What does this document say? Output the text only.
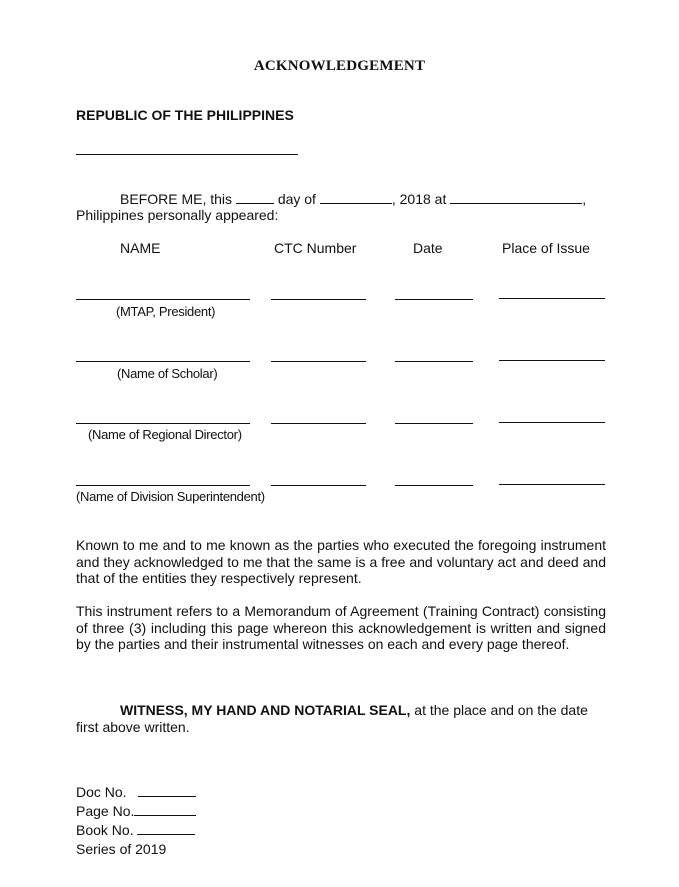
ACKNOWLEDGEMENT
REPUBLIC OF THE PHILIPPINES
BEFORE ME, this	day of	, 2018 at	,
Philippines personally appeared:
NAME	CTC Number	Date	Place of Issue
(MTAP, President)
(Name of Scholar)
(Name of Regional Director)
(Name of Division Superintendent)
Known to me and to me known as the parties who executed the foregoing instrument and they acknowledged to me that the same is a free and voluntary act and deed and that of the entities they respectively represent.
This instrument refers to a Memorandum of Agreement (Training Contract) consisting of three (3) including this page whereon this acknowledgement is written and signed by the parties and their instrumental witnesses on each and every page thereof.
WITNESS, MY HAND AND NOTARIAL SEAL, at the place and on the date
first above written.
Doc No.
Page No.
Book No.
Series of 2019
